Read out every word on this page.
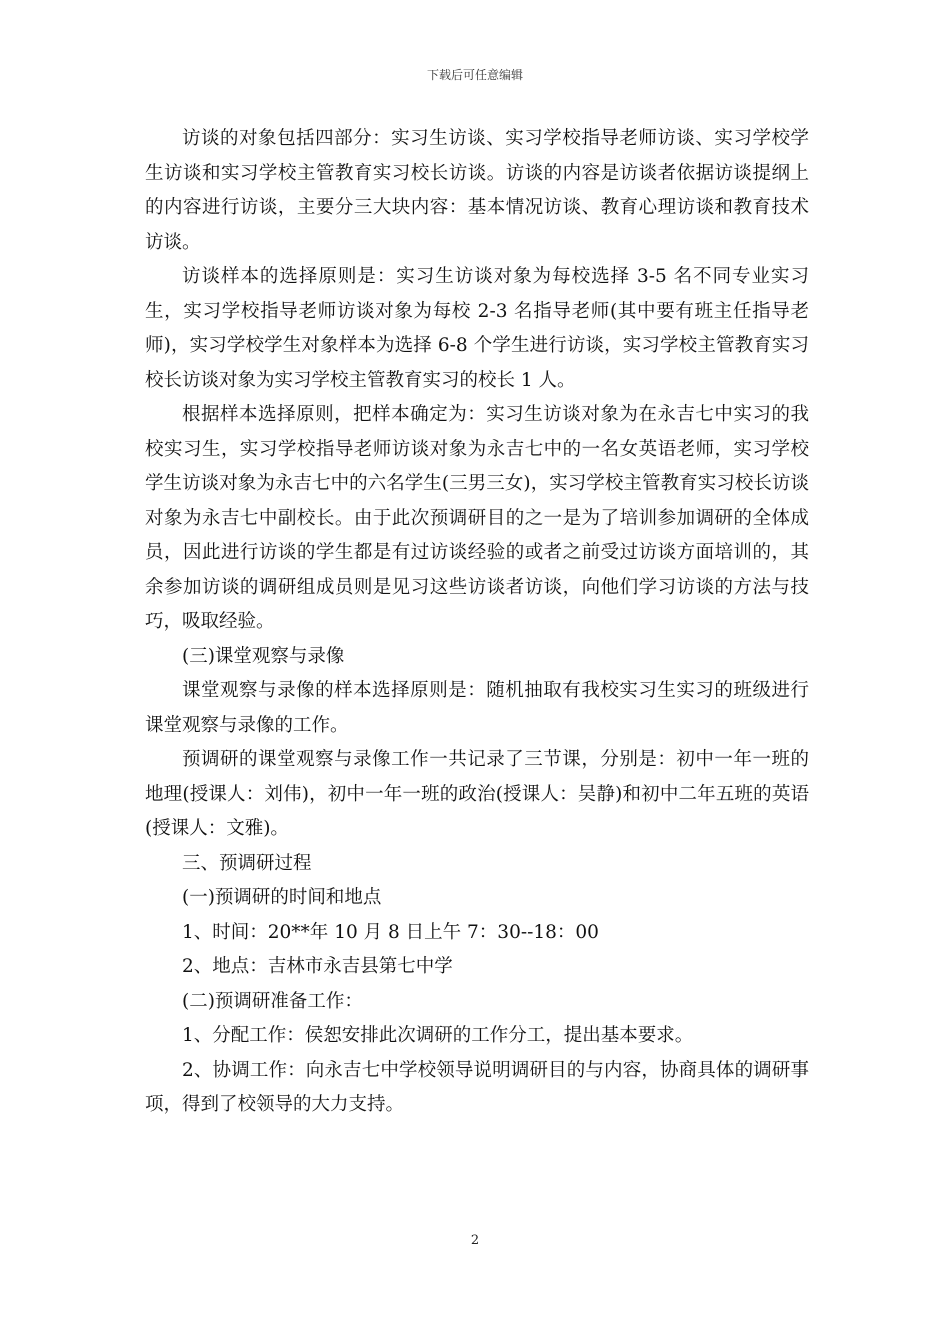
下载后可任意编辑

访谈的对象包括四部分：实习生访谈、实习学校指导老师访谈、实习学校学生访谈和实习学校主管教育实习校长访谈。访谈的内容是访谈者依据访谈提纲上的内容进行访谈，主要分三大块内容：基本情况访谈、教育心理访谈和教育技术访谈。

访谈样本的选择原则是：实习生访谈对象为每校选择 3-5 名不同专业实习生，实习学校指导老师访谈对象为每校 2-3 名指导老师(其中要有班主任指导老师)，实习学校学生对象样本为选择 6-8 个学生进行访谈，实习学校主管教育实习校长访谈对象为实习学校主管教育实习的校长 1 人。

根据样本选择原则，把样本确定为：实习生访谈对象为在永吉七中实习的我校实习生，实习学校指导老师访谈对象为永吉七中的一名女英语老师，实习学校学生访谈对象为永吉七中的六名学生(三男三女)，实习学校主管教育实习校长访谈对象为永吉七中副校长。由于此次预调研目的之一是为了培训参加调研的全体成员，因此进行访谈的学生都是有过访谈经验的或者之前受过访谈方面培训的，其余参加访谈的调研组成员则是见习这些访谈者访谈，向他们学习访谈的方法与技巧，吸取经验。

(三)课堂观察与录像

课堂观察与录像的样本选择原则是：随机抽取有我校实习生实习的班级进行课堂观察与录像的工作。

预调研的课堂观察与录像工作一共记录了三节课，分别是：初中一年一班的地理(授课人：刘伟)，初中一年一班的政治(授课人：吴静)和初中二年五班的英语(授课人：文雅)。

三、预调研过程

(一)预调研的时间和地点

1、时间：20**年 10 月 8 日上午 7：30--18：00

2、地点：吉林市永吉县第七中学

(二)预调研准备工作：

1、分配工作：侯恕安排此次调研的工作分工，提出基本要求。

2、协调工作：向永吉七中学校领导说明调研目的与内容，协商具体的调研事项，得到了校领导的大力支持。

2
